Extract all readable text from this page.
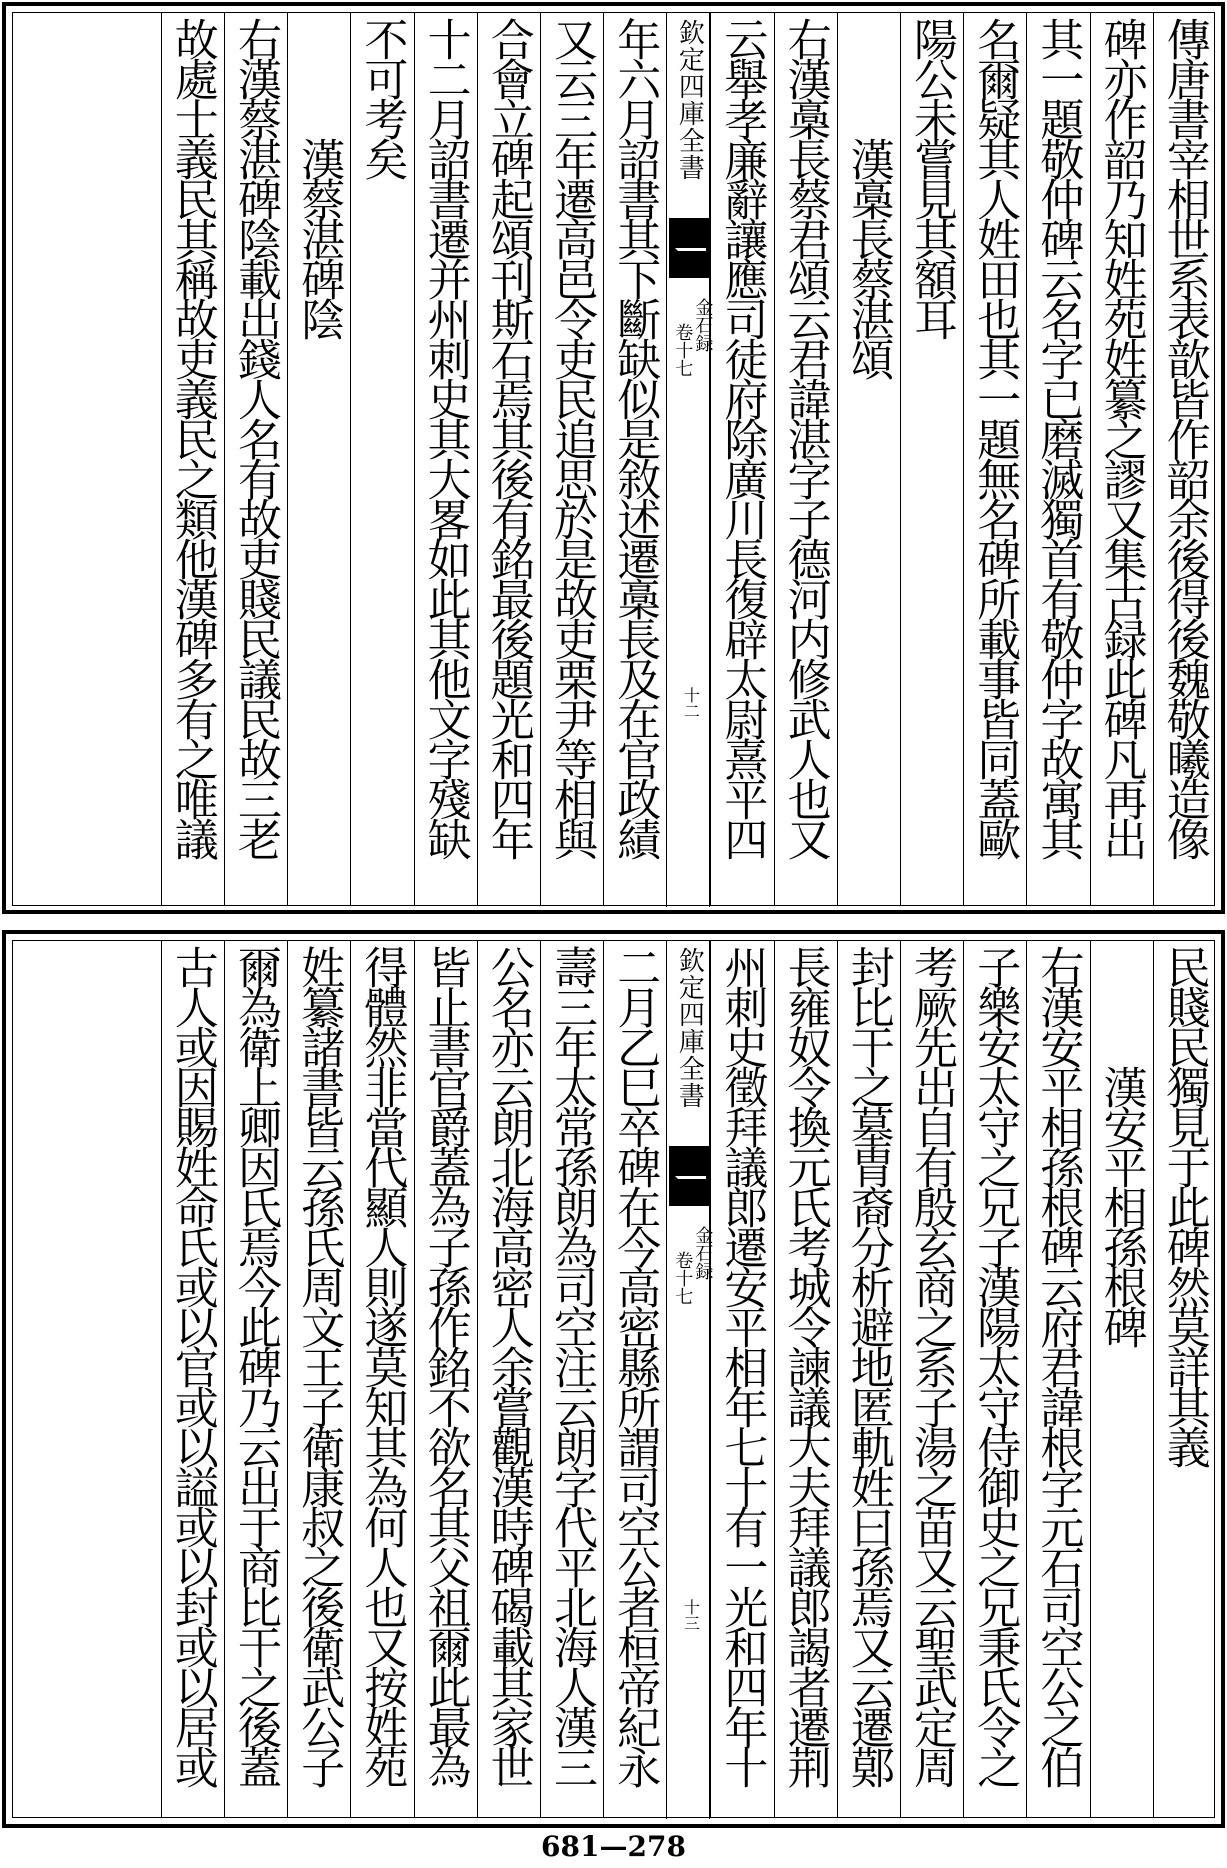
傳唐書宰相世系表歆皆作韶余後得後魏敬曦造像
碑亦作韶乃知姓苑姓纂之謬又集古録此碑凡再出
其一題敬仲碑云名字已磨滅獨首有敬仲字故寓其
名爾疑其人姓田也其一題無名碑所載事皆同蓋歐
陽公未嘗見其額耳
漢槀長蔡湛頌
右漢槀長蔡君頌云君諱湛字子德河内修武人也又
云舉孝廉辭讓應司徒府除廣川長復辟太尉熹平四
欽定四庫全書
金石録
卷十七
十二
年六月詔書其下斷缺似是敘述遷槀長及在官政績
又云三年遷高邑令吏民追思於是故吏栗尹等相與
合會立碑起頌刊斯石焉其後有銘最後題光和四年
十二月詔書遷并州刺史其大畧如此其他文字殘缺
不可考矣
漢蔡湛碑陰
右漢蔡湛碑陰載出錢人名有故吏賤民議民故三老
故處士義民其稱故吏義民之類他漢碑多有之唯議
民賤民獨見于此碑然莫詳其義
漢安平相孫根碑
右漢安平相孫根碑云府君諱根字元石司空公之伯
子樂安太守之兄子漢陽太守侍御史之兄秉氏令之
考厥先出自有殷玄商之系子湯之苗又云聖武定周
封比干之墓胄裔分析避地匿軌姓曰孫焉又云遷鄚
長雍奴令換元氏考城令諫議大夫拜議郎謁者遷荆
州刺史徵拜議郎遷安平相年七十有一光和四年十
欽定四庫全書
金石録
卷十七
十三
二月乙巳卒碑在今高密縣所謂司空公者桓帝紀永
壽三年太常孫朗為司空注云朗字代平北海人漢三
公名亦云朗北海高密人余嘗觀漢時碑碣載其家世
皆止書官爵蓋為子孫作銘不欲名其父祖爾此最為
得體然非當代顯人則遂莫知其為何人也又按姓苑
姓纂諸書皆云孫氏周文王子衛康叔之後衛武公子
爾為衛上卿因氏焉今此碑乃云出于商比干之後蓋
古人或因賜姓命氏或以官或以謚或以封或以居或
681—278
